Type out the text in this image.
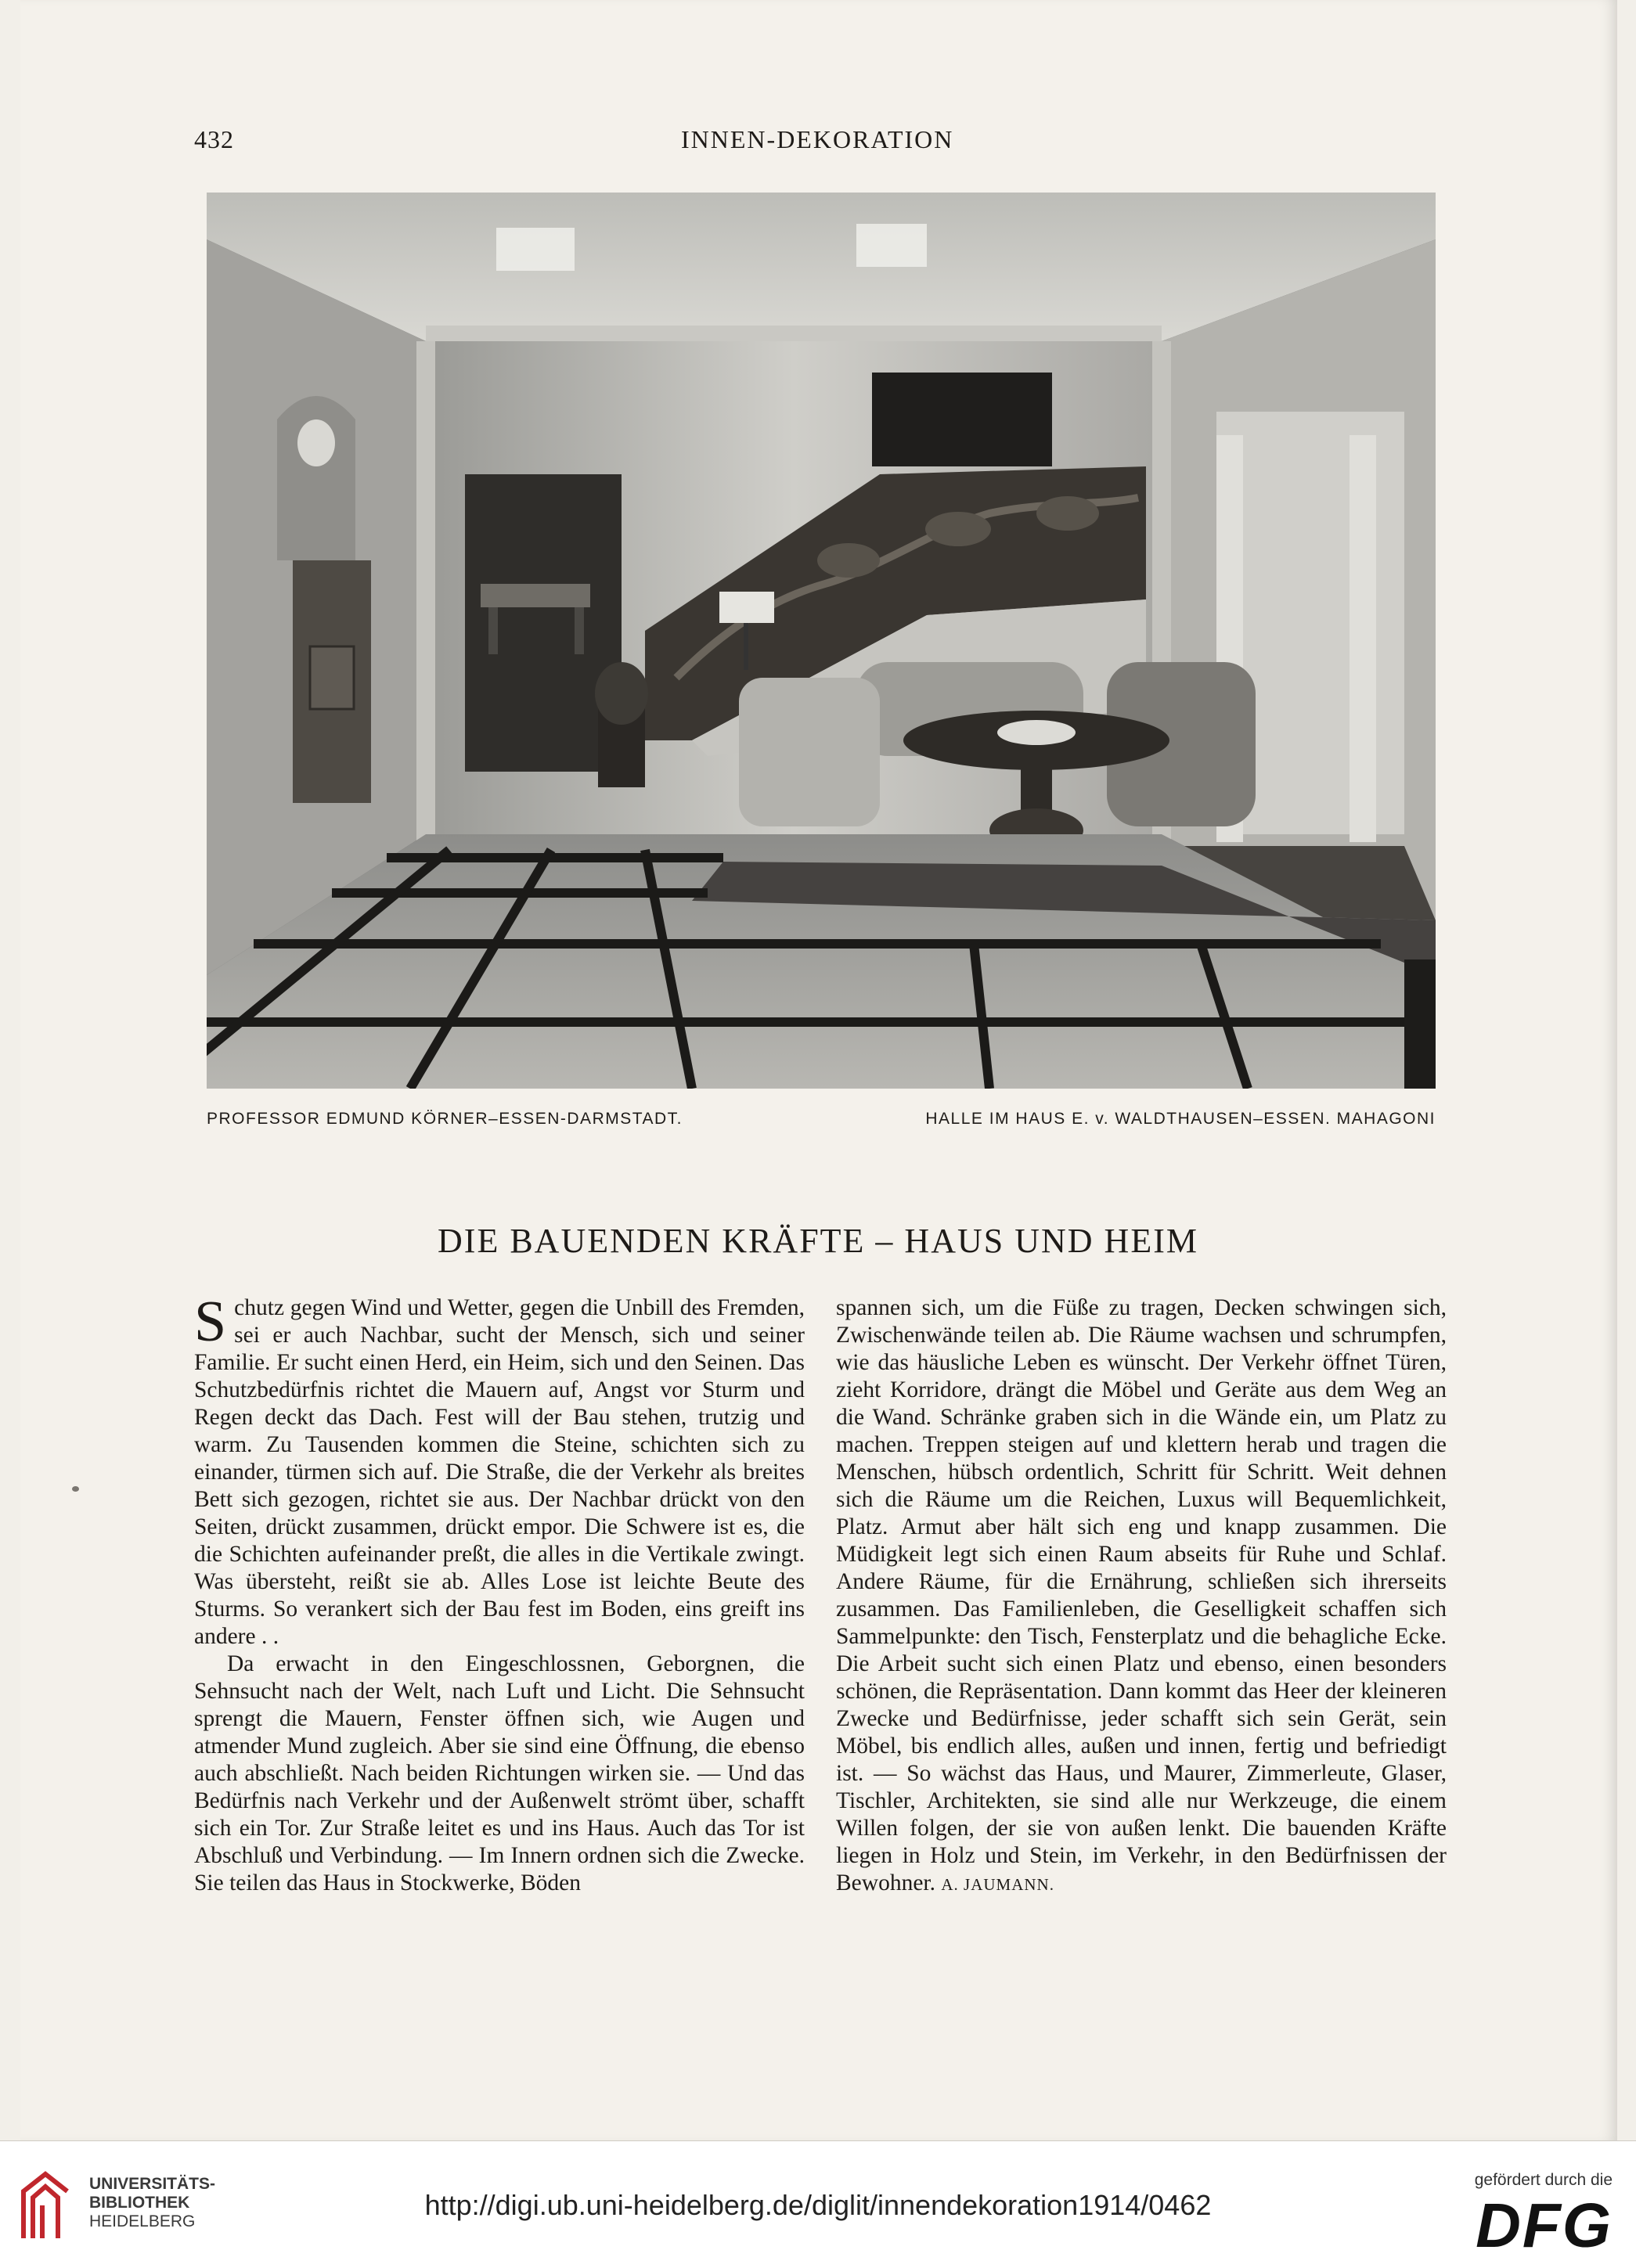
432	INNEN-DEKORATION
PROFESSOR EDMUND KÖRNER–ESSEN-DARMSTADT.	HALLE IM HAUS E. v. WALDTHAUSEN–ESSEN. MAHAGONI
DIE BAUENDEN KRÄFTE – HAUS UND HEIM

Schutz gegen Wind und Wetter, gegen die Unbill des Fremden, sei er auch Nachbar, sucht der Mensch, sich und seiner Familie. Er sucht einen Herd, ein Heim, sich und den Seinen. Das Schutzbedürfnis richtet die Mauern auf, Angst vor Sturm und Regen deckt das Dach. Fest will der Bau stehen, trutzig und warm. Zu Tausenden kommen die Steine, schichten sich zu einander, türmen sich auf. Die Straße, die der Verkehr als breites Bett sich gezogen, richtet sie aus. Der Nachbar drückt von den Seiten, drückt zusammen, drückt empor. Die Schwere ist es, die die Schichten aufeinander preßt, die alles in die Vertikale zwingt. Was übersteht, reißt sie ab. Alles Lose ist leichte Beute des Sturms. So verankert sich der Bau fest im Boden, eins greift ins andere . .

Da erwacht in den Eingeschlossnen, Geborgnen, die Sehnsucht nach der Welt, nach Luft und Licht. Die Sehnsucht sprengt die Mauern, Fenster öffnen sich, wie Augen und atmender Mund zugleich. Aber sie sind eine Öffnung, die ebenso auch abschließt. Nach beiden Richtungen wirken sie. — Und das Bedürfnis nach Verkehr und der Außenwelt strömt über, schafft sich ein Tor. Zur Straße leitet es und ins Haus. Auch das Tor ist Abschluß und Verbindung. — Im Innern ordnen sich die Zwecke. Sie teilen das Haus in Stockwerke, Böden

spannen sich, um die Füße zu tragen, Decken schwingen sich, Zwischenwände teilen ab. Die Räume wachsen und schrumpfen, wie das häusliche Leben es wünscht. Der Verkehr öffnet Türen, zieht Korridore, drängt die Möbel und Geräte aus dem Weg an die Wand. Schränke graben sich in die Wände ein, um Platz zu machen. Treppen steigen auf und klettern herab und tragen die Menschen, hübsch ordentlich, Schritt für Schritt. Weit dehnen sich die Räume um die Reichen, Luxus will Bequemlichkeit, Platz. Armut aber hält sich eng und knapp zusammen. Die Müdigkeit legt sich einen Raum abseits für Ruhe und Schlaf. Andere Räume, für die Ernährung, schließen sich ihrerseits zusammen. Das Familienleben, die Geselligkeit schaffen sich Sammelpunkte: den Tisch, Fensterplatz und die behagliche Ecke. Die Arbeit sucht sich einen Platz und ebenso, einen besonders schönen, die Repräsentation. Dann kommt das Heer der kleineren Zwecke und Bedürfnisse, jeder schafft sich sein Gerät, sein Möbel, bis endlich alles, außen und innen, fertig und befriedigt ist. — So wächst das Haus, und Maurer, Zimmerleute, Glaser, Tischler, Architekten, sie sind alle nur Werkzeuge, die einem Willen folgen, der sie von außen lenkt. Die bauenden Kräfte liegen in Holz und Stein, im Verkehr, in den Bedürfnissen der Bewohner. A. JAUMANN.

UNIVERSITÄTS-
BIBLIOTHEK
HEIDELBERG
http://digi.ub.uni-heidelberg.de/diglit/innendekoration1914/0462
gefördert durch die
DFG
